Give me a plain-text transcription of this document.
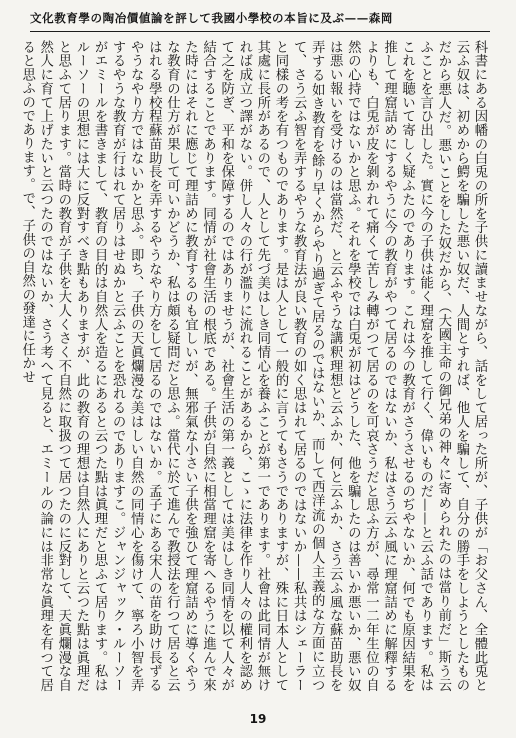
文化教育學の陶冶價値論を評して我國小學校の本旨に及ぶ——森岡

科書にある因幡の白兎の所を子供に讀ませながら、話をして居った所が、子供が「お父さん、全體此兎と云ふ奴は、初めから鰐を騙した悪い奴だ、人間とすれば、他人を騙して、自分の勝手をしようとしたものだから悪人だ。悪いことをした奴だから、（大國主命の御兄弟の神々に寄められたのは當り前だ」斯う云ふことを言ひ出した。實に今の子供は能く理窟を推して行く、偉いものだ——と云ふ話であります。私はこれを聴いて寄しく疑ふたのであります。これは今の教育がさうさせるのぢやないか、何でも原因結果を推して理窟詰めにするやうに今の教育がやつて居るのではないか、私はさう云ふ風に理窟詰めに解釋するよりも、白兎が皮を剝かれて痛くて苦しみ轉がつて居るのを可哀さうだと思ふ方が、尋常一二年生位の自然の心持ではないかと思ふ。それを學校では白兎が初はどうした、他を騙したのは善いか悪いか、悪い奴は悪い報いを受けるのは當然だ、と云ふやうな講釈理想と云ふか、何と云ふか、さう云ふ風な蘇苗助長を弄する如き教育を餘り早くからやり過ぎて居るのではないか、而して西洋流の個人主義的な方面に立つて、さう云ふ智を弄するやうな教育法が良い教育の如く思はれて居るのではないか——私共はシェーラーと同樣の考を有つものであります。是は人として一般的に言うてもさうでありますが、殊に日本人として其處に長所があるので、人として先づ美はしき同情心を養ふことが第一であります。社會は此同情が無ければ成立つ譯がない。併し人々の行が濫りに流れることがあるから、こゝに法律を作り人々の權利を認めて之を防ぎ、平和を保障するのではありませうが、社會生活の第一義としては美はしき同情を以て人々が結合することであります。同情が社會生活の根底である。子供が自然に相當理窟を寄へるやうに進んで來た時にはそれに應じて理詰めに教育するのも宜しいが、無邪氣な小さい子供を強ひて理窟詰めに導くやうな教育の仕方が果して可いかどうか、私は頗る疑問だと思ふ。當代に於て進んで教授法を行つて居ると云はれる學校程蘇苗助長を弄するやうなやり方をして居るのではないか。孟子にある宋人の苗を助け長ずるやうなやり方ではないかと思ふ。即ち、子供の天眞爛漫な美はしい自然の同情心を傷けて、寧ろ小智を弄するやうな教育が行はれて居りはせぬかと云ふことを恐れるのでありますこ。ジャンジャック・ルーソーがエミールを書きまして、教育の目的は自然人を造るにあると云つた點は眞理だと思ふて居ります。私はルーソーの思想には大に反對すべき點もありますが、此の教育の理想は自然人にありと云つた點は眞理だと思ふて居ります。當時の教育が子供を大人くさく不自然に取扱つて居つたのに反對して、天眞爛漫な自然人に育て上げたいと云つたのではないか、さう考へて見ると、エミールの論には非常な眞理を有つて居ると思ふのであります。で、子供の自然の發達に任かせ

19
